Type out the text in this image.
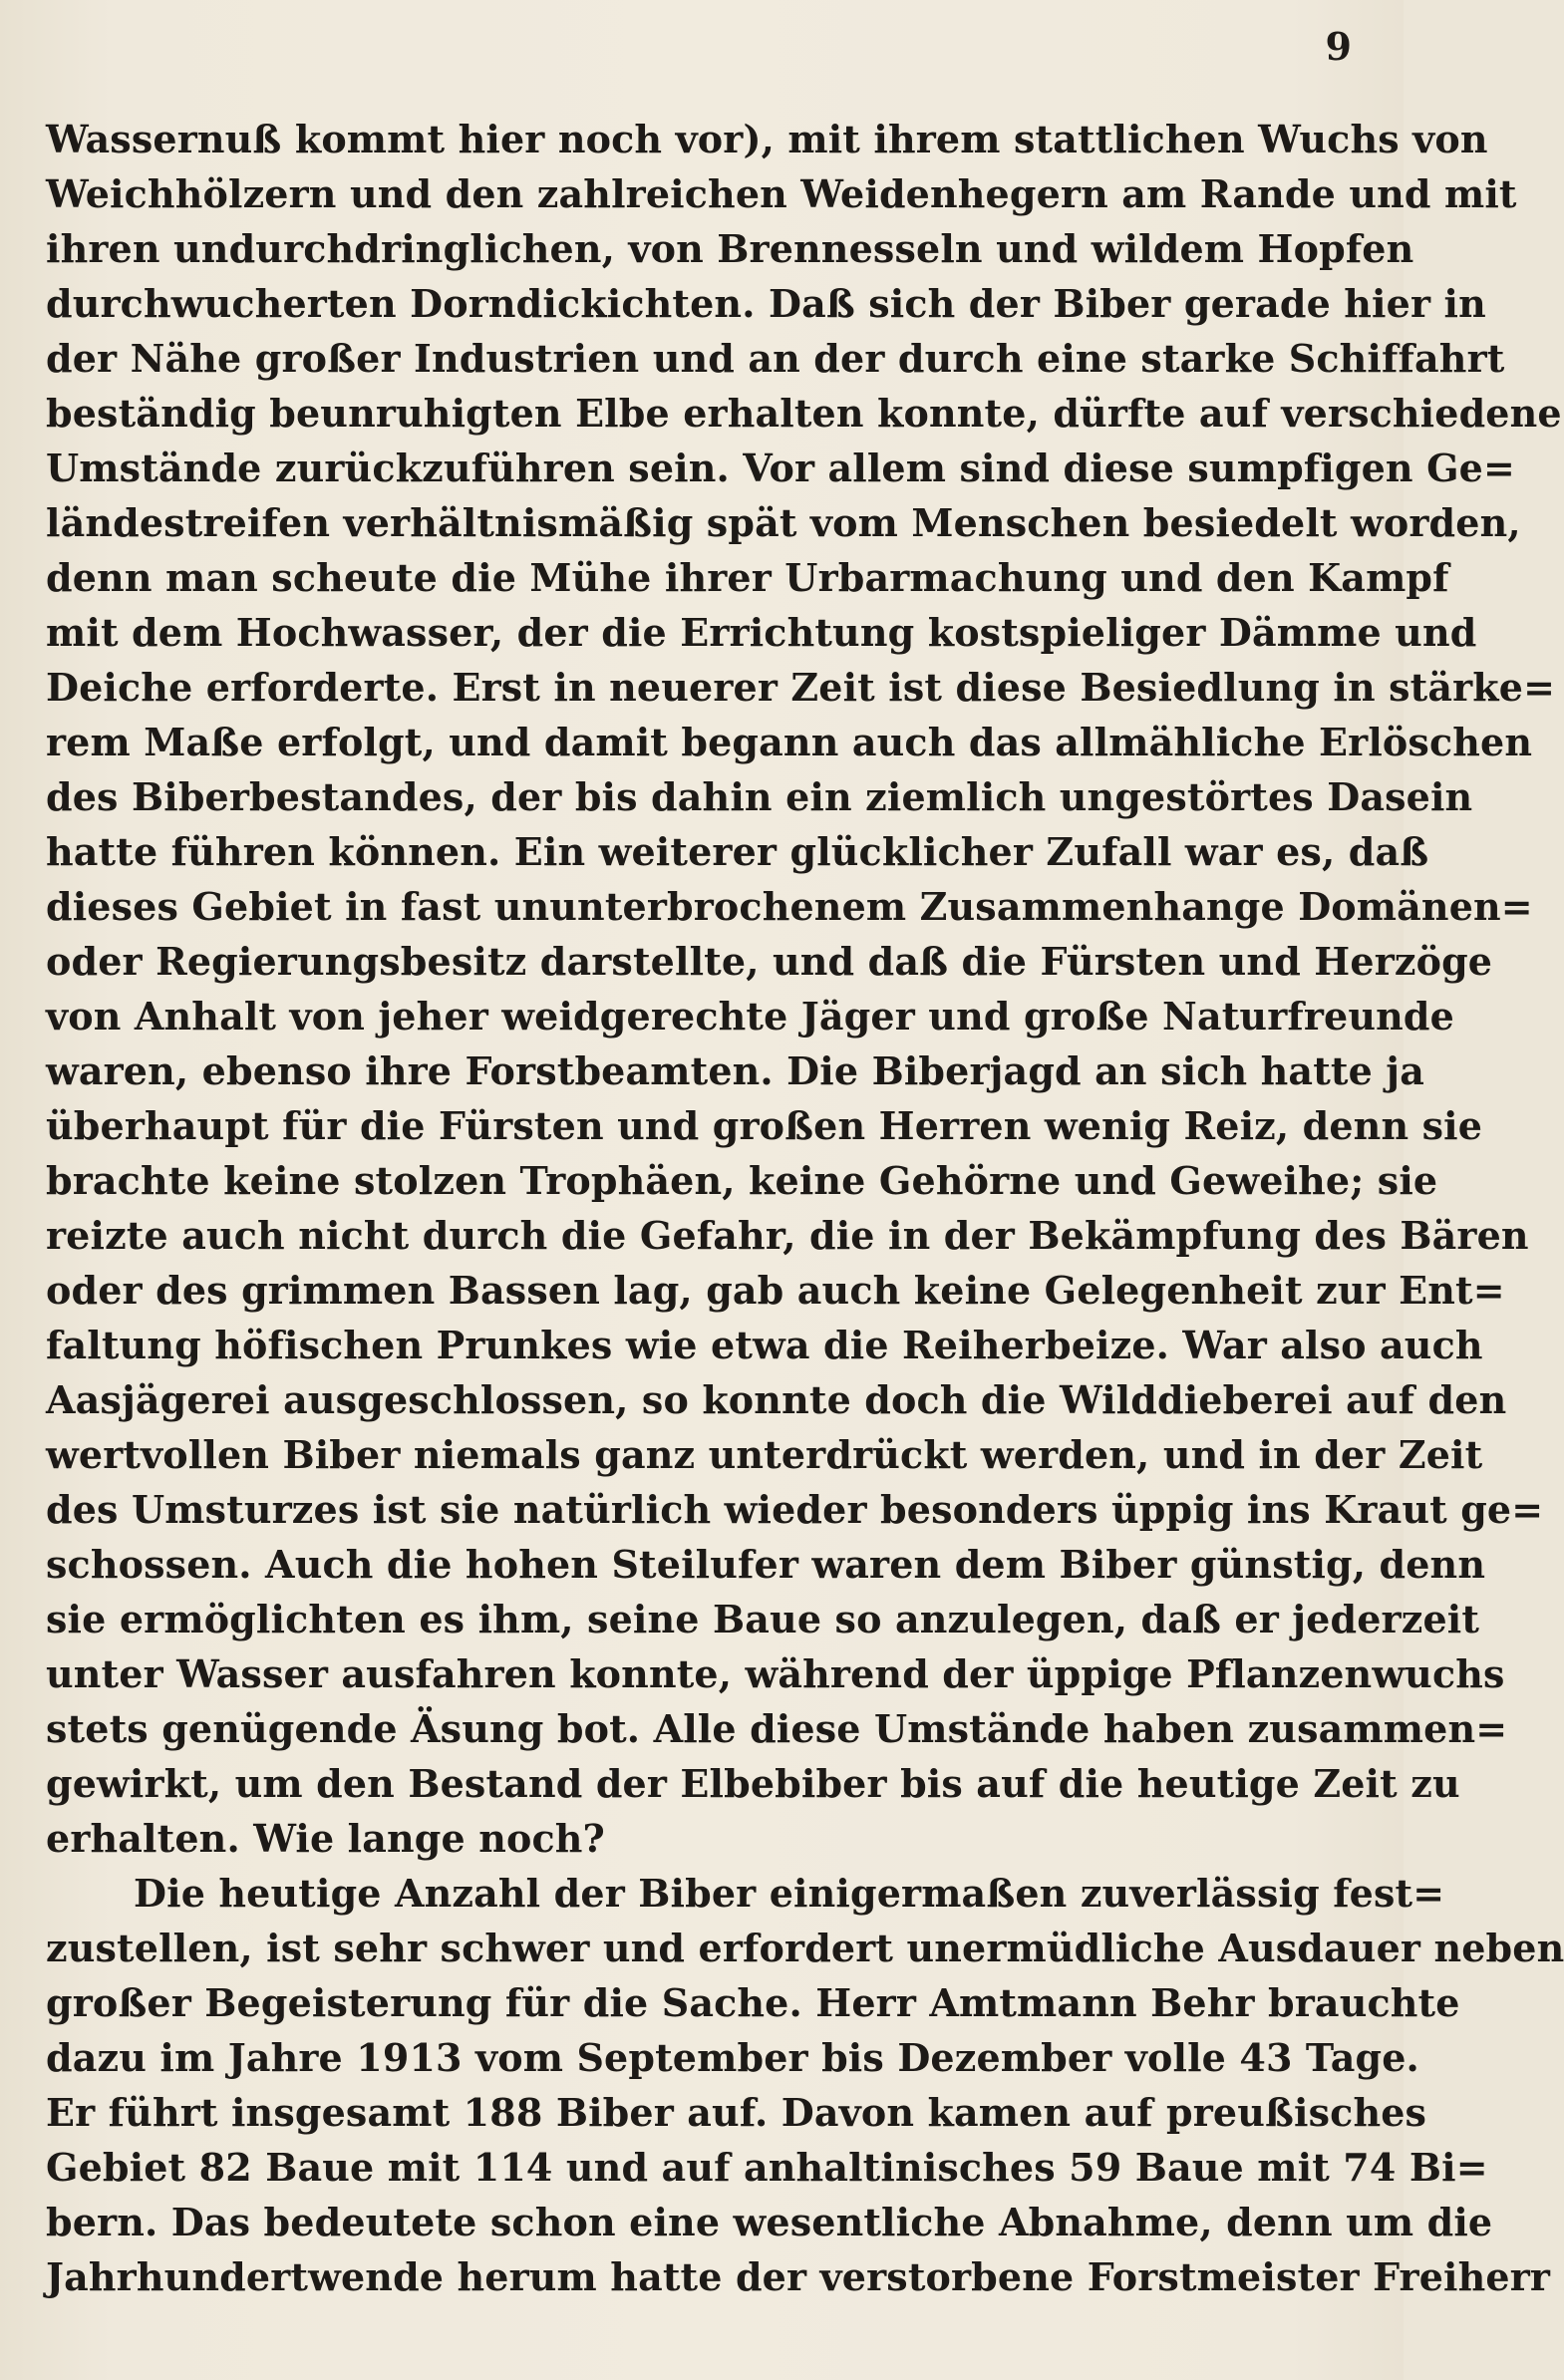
9
Wassernuß kommt hier noch vor), mit ihrem stattlichen Wuchs von
Weichhölzern und den zahlreichen Weidenhegern am Rande und mit
ihren undurchdringlichen, von Brennesseln und wildem Hopfen
durchwucherten Dorndickichten. Daß sich der Biber gerade hier in
der Nähe großer Industrien und an der durch eine starke Schiffahrt
beständig beunruhigten Elbe erhalten konnte, dürfte auf verschiedene
Umstände zurückzuführen sein. Vor allem sind diese sumpfigen Ge=
ländestreifen verhältnismäßig spät vom Menschen besiedelt worden,
denn man scheute die Mühe ihrer Urbarmachung und den Kampf
mit dem Hochwasser, der die Errichtung kostspieliger Dämme und
Deiche erforderte. Erst in neuerer Zeit ist diese Besiedlung in stärke=
rem Maße erfolgt, und damit begann auch das allmähliche Erlöschen
des Biberbestandes, der bis dahin ein ziemlich ungestörtes Dasein
hatte führen können. Ein weiterer glücklicher Zufall war es, daß
dieses Gebiet in fast ununterbrochenem Zusammenhange Domänen=
oder Regierungsbesitz darstellte, und daß die Fürsten und Herzöge
von Anhalt von jeher weidgerechte Jäger und große Naturfreunde
waren, ebenso ihre Forstbeamten. Die Biberjagd an sich hatte ja
überhaupt für die Fürsten und großen Herren wenig Reiz, denn sie
brachte keine stolzen Trophäen, keine Gehörne und Geweihe; sie
reizte auch nicht durch die Gefahr, die in der Bekämpfung des Bären
oder des grimmen Bassen lag, gab auch keine Gelegenheit zur Ent=
faltung höfischen Prunkes wie etwa die Reiherbeize. War also auch
Aasjägerei ausgeschlossen, so konnte doch die Wilddieberei auf den
wertvollen Biber niemals ganz unterdrückt werden, und in der Zeit
des Umsturzes ist sie natürlich wieder besonders üppig ins Kraut ge=
schossen. Auch die hohen Steilufer waren dem Biber günstig, denn
sie ermöglichten es ihm, seine Baue so anzulegen, daß er jederzeit
unter Wasser ausfahren konnte, während der üppige Pflanzenwuchs
stets genügende Äsung bot. Alle diese Umstände haben zusammen=
gewirkt, um den Bestand der Elbebiber bis auf die heutige Zeit zu
erhalten. Wie lange noch?
Die heutige Anzahl der Biber einigermaßen zuverlässig fest=
zustellen, ist sehr schwer und erfordert unermüdliche Ausdauer neben
großer Begeisterung für die Sache. Herr Amtmann Behr brauchte
dazu im Jahre 1913 vom September bis Dezember volle 43 Tage.
Er führt insgesamt 188 Biber auf. Davon kamen auf preußisches
Gebiet 82 Baue mit 114 und auf anhaltinisches 59 Baue mit 74 Bi=
bern. Das bedeutete schon eine wesentliche Abnahme, denn um die
Jahrhundertwende herum hatte der verstorbene Forstmeister Freiherr
